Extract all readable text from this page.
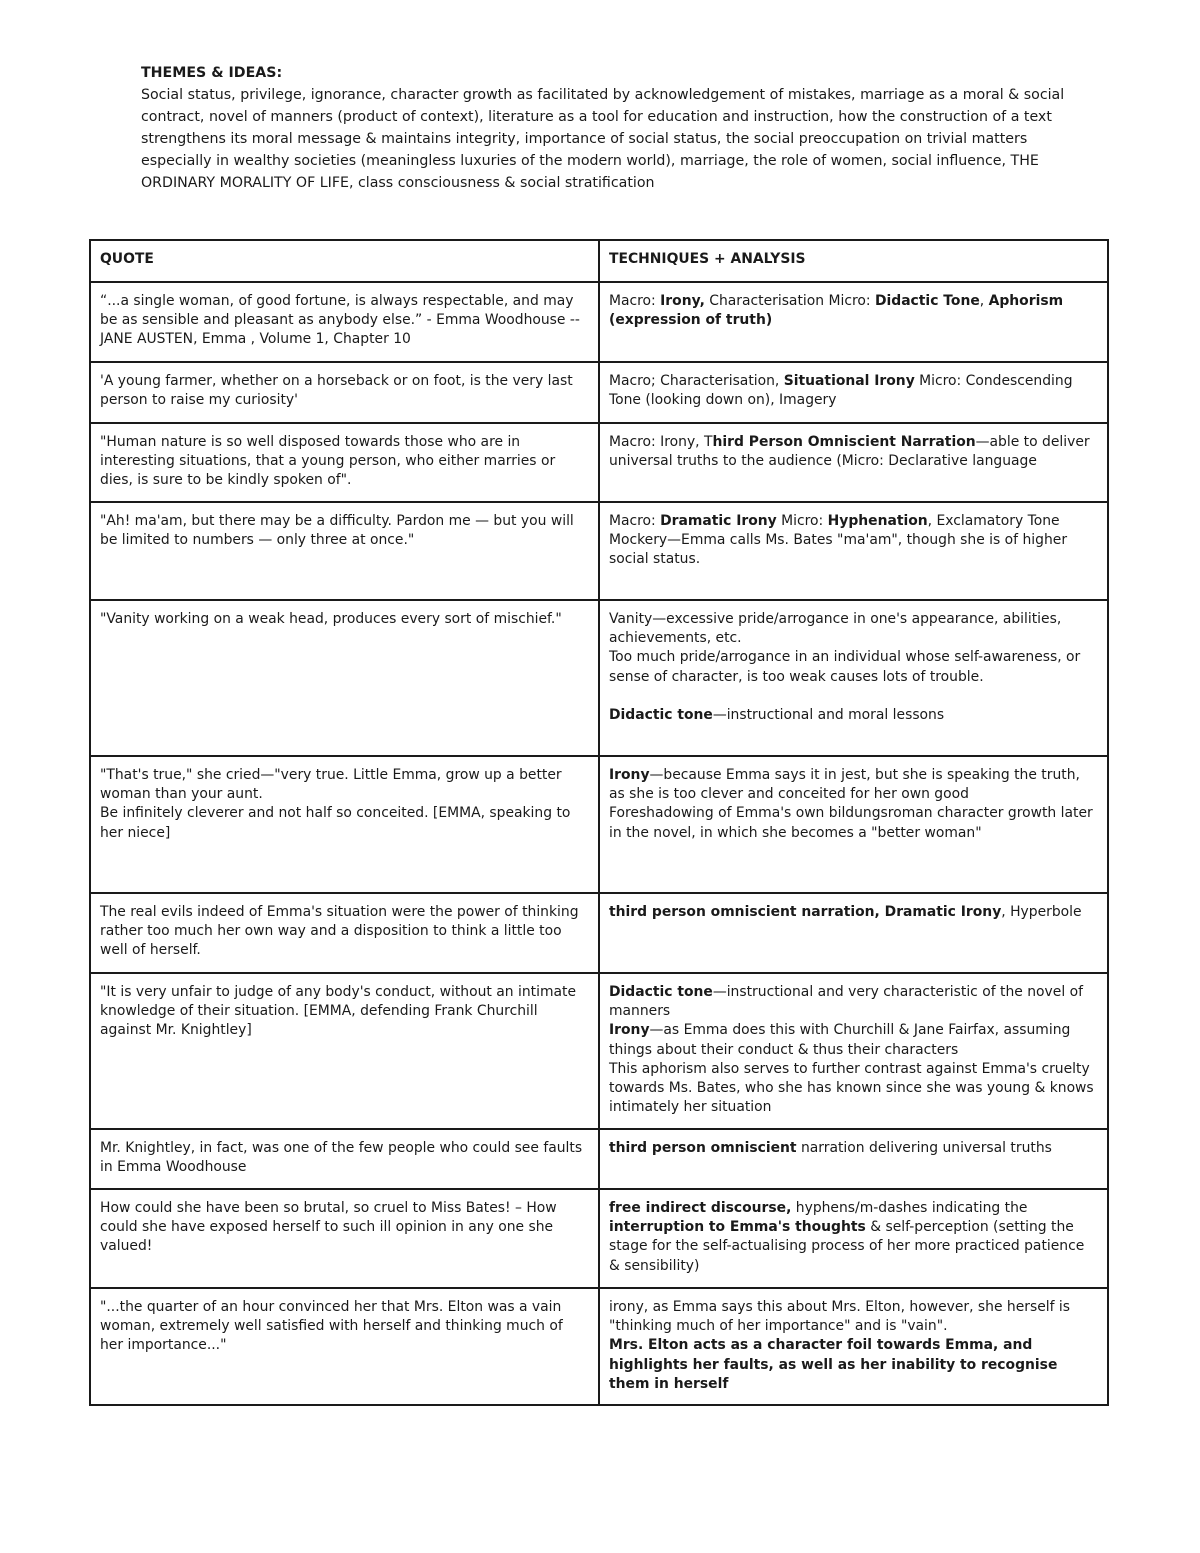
THEMES & IDEAS:
Social status, privilege, ignorance, character growth as facilitated by acknowledgement of mistakes, marriage as a moral & social contract, novel of manners (product of context), literature as a tool for education and instruction, how the construction of a text strengthens its moral message & maintains integrity, importance of social status, the social preoccupation on trivial matters especially in wealthy societies (meaningless luxuries of the modern world), marriage, the role of women, social influence, THE ORDINARY MORALITY OF LIFE, class consciousness & social stratification
QUOTE	TECHNIQUES + ANALYSIS
“...a single woman, of good fortune, is always respectable, and may be as sensible and pleasant as anybody else.” - Emma Woodhouse -- JANE AUSTEN, Emma , Volume 1, Chapter 10	Macro: Irony, Characterisation Micro: Didactic Tone, Aphorism (expression of truth)
'A young farmer, whether on a horseback or on foot, is the very last person to raise my curiosity'	Macro; Characterisation, Situational Irony Micro: Condescending Tone (looking down on), Imagery
"Human nature is so well disposed towards those who are in interesting situations, that a young person, who either marries or dies, is sure to be kindly spoken of".	Macro: Irony, Third Person Omniscient Narration—able to deliver universal truths to the audience (Micro: Declarative language
"Ah! ma'am, but there may be a difficulty. Pardon me — but you will be limited to numbers — only three at once."	Macro: Dramatic Irony Micro: Hyphenation, Exclamatory Tone
Mockery—Emma calls Ms. Bates "ma'am", though she is of higher social status.

"Vanity working on a weak head, produces every sort of mischief."	Vanity—excessive pride/arrogance in one's appearance, abilities, achievements, etc.
Too much pride/arrogance in an individual whose self-awareness, or sense of character, is too weak causes lots of trouble.
Didactic tone—instructional and moral lessons

"That's true," she cried—"very true. Little Emma, grow up a better woman than your aunt.
Be infinitely cleverer and not half so conceited. [EMMA, speaking to her niece]	Irony—because Emma says it in jest, but she is speaking the truth, as she is too clever and conceited for her own good
Foreshadowing of Emma's own bildungsroman character growth later in the novel, in which she becomes a "better woman"

The real evils indeed of Emma's situation were the power of thinking rather too much her own way and a disposition to think a little too well of herself.	third person omniscient narration, Dramatic Irony, Hyperbole
"It is very unfair to judge of any body's conduct, without an intimate knowledge of their situation. [EMMA, defending Frank Churchill against Mr. Knightley]	Didactic tone—instructional and very characteristic of the novel of manners
Irony—as Emma does this with Churchill & Jane Fairfax, assuming things about their conduct & thus their characters
This aphorism also serves to further contrast against Emma's cruelty towards Ms. Bates, who she has known since she was young & knows intimately her situation

Mr. Knightley, in fact, was one of the few people who could see faults in Emma Woodhouse	third person omniscient narration delivering universal truths
How could she have been so brutal, so cruel to Miss Bates! – How could she have exposed herself to such ill opinion in any one she valued!	free indirect discourse, hyphens/m-dashes indicating the interruption to Emma's thoughts & self-perception (setting the stage for the self-actualising process of her more practiced patience & sensibility)
"...the quarter of an hour convinced her that Mrs. Elton was a vain woman, extremely well satisfied with herself and thinking much of her importance..."	irony, as Emma says this about Mrs. Elton, however, she herself is "thinking much of her importance" and is "vain".
Mrs. Elton acts as a character foil towards Emma, and highlights her faults, as well as her inability to recognise them in herself
